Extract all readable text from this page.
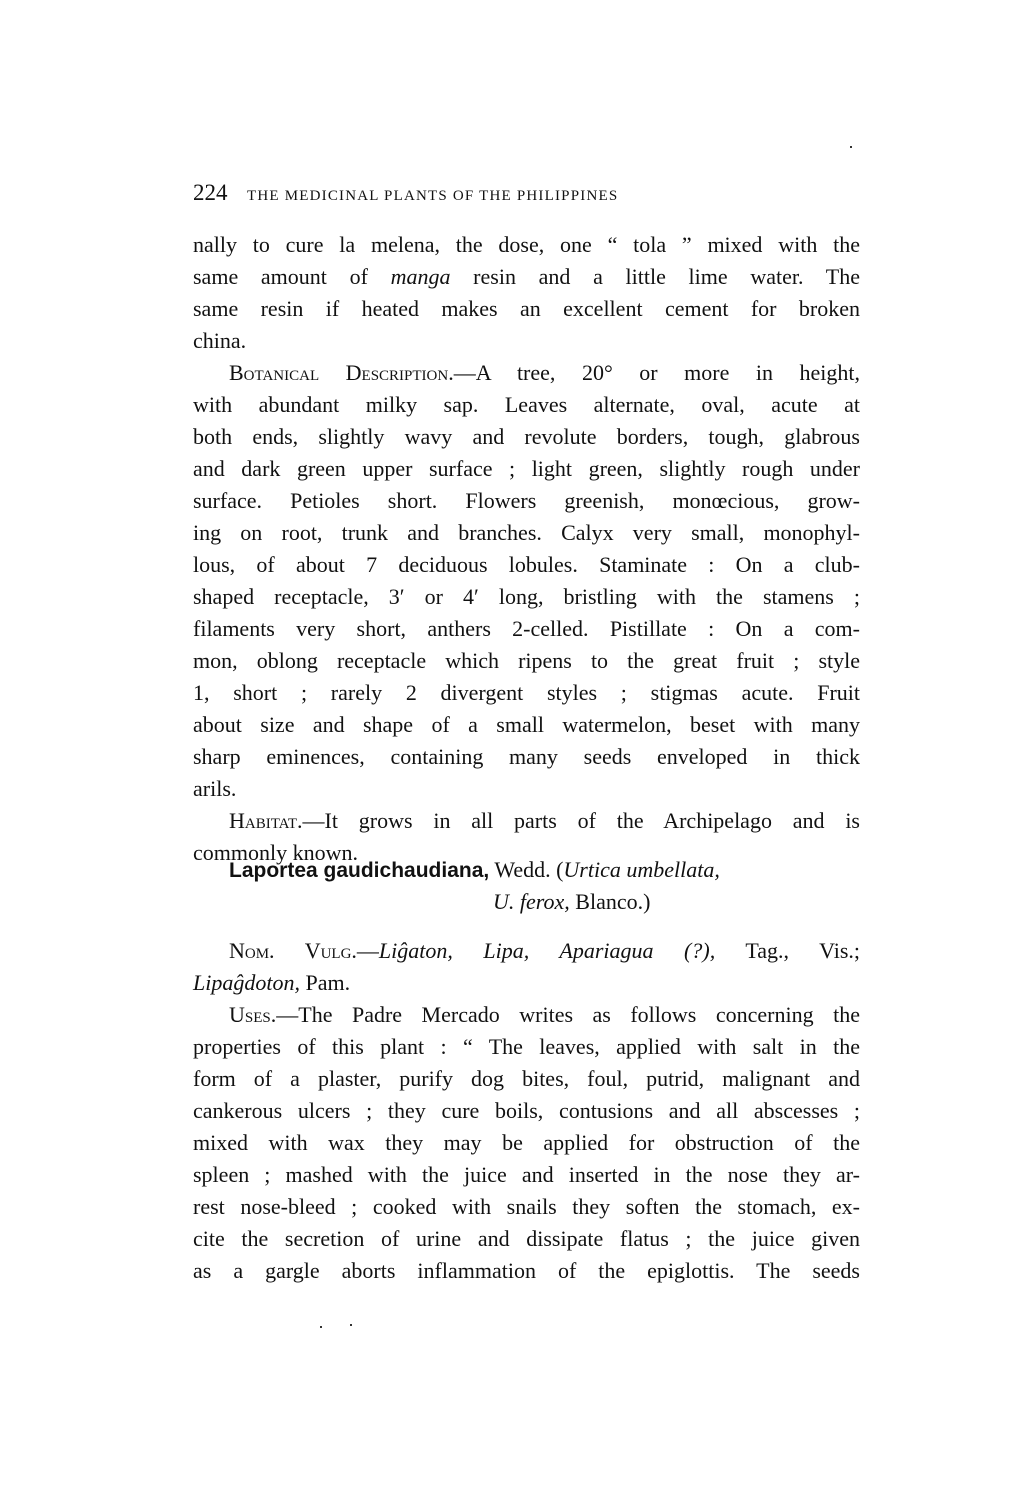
224 THE MEDICINAL PLANTS OF THE PHILIPPINES
nally to cure la melena, the dose, one “ tola ” mixed with the
same amount of manga resin and a little lime water. The
same resin if heated makes an excellent cement for broken
china.
Botanical Description.—A tree, 20° or more in height,
with abundant milky sap. Leaves alternate, oval, acute at
both ends, slightly wavy and revolute borders, tough, glabrous
and dark green upper surface ; light green, slightly rough under
surface. Petioles short. Flowers greenish, monœcious, grow-
ing on root, trunk and branches. Calyx very small, monophyl-
lous, of about 7 deciduous lobules. Staminate : On a club-
shaped receptacle, 3′ or 4′ long, bristling with the stamens ;
filaments very short, anthers 2-celled. Pistillate : On a com-
mon, oblong receptacle which ripens to the great fruit ; style
1, short ; rarely 2 divergent styles ; stigmas acute. Fruit
about size and shape of a small watermelon, beset with many
sharp eminences, containing many seeds enveloped in thick
arils.
Habitat.—It grows in all parts of the Archipelago and is
commonly known.
Laportea gaudichaudiana, Wedd. (Urtica umbellata,
U. ferox, Blanco.)
Nom. Vulg.—Liĝaton, Lipa, Apariagua (?), Tag., Vis.;
Lipaĝdoton, Pam.
Uses.—The Padre Mercado writes as follows concerning the
properties of this plant : “ The leaves, applied with salt in the
form of a plaster, purify dog bites, foul, putrid, malignant and
cankerous ulcers ; they cure boils, contusions and all abscesses ;
mixed with wax they may be applied for obstruction of the
spleen ; mashed with the juice and inserted in the nose they ar-
rest nose-bleed ; cooked with snails they soften the stomach, ex-
cite the secretion of urine and dissipate flatus ; the juice given
as a gargle aborts inflammation of the epiglottis. The seeds
